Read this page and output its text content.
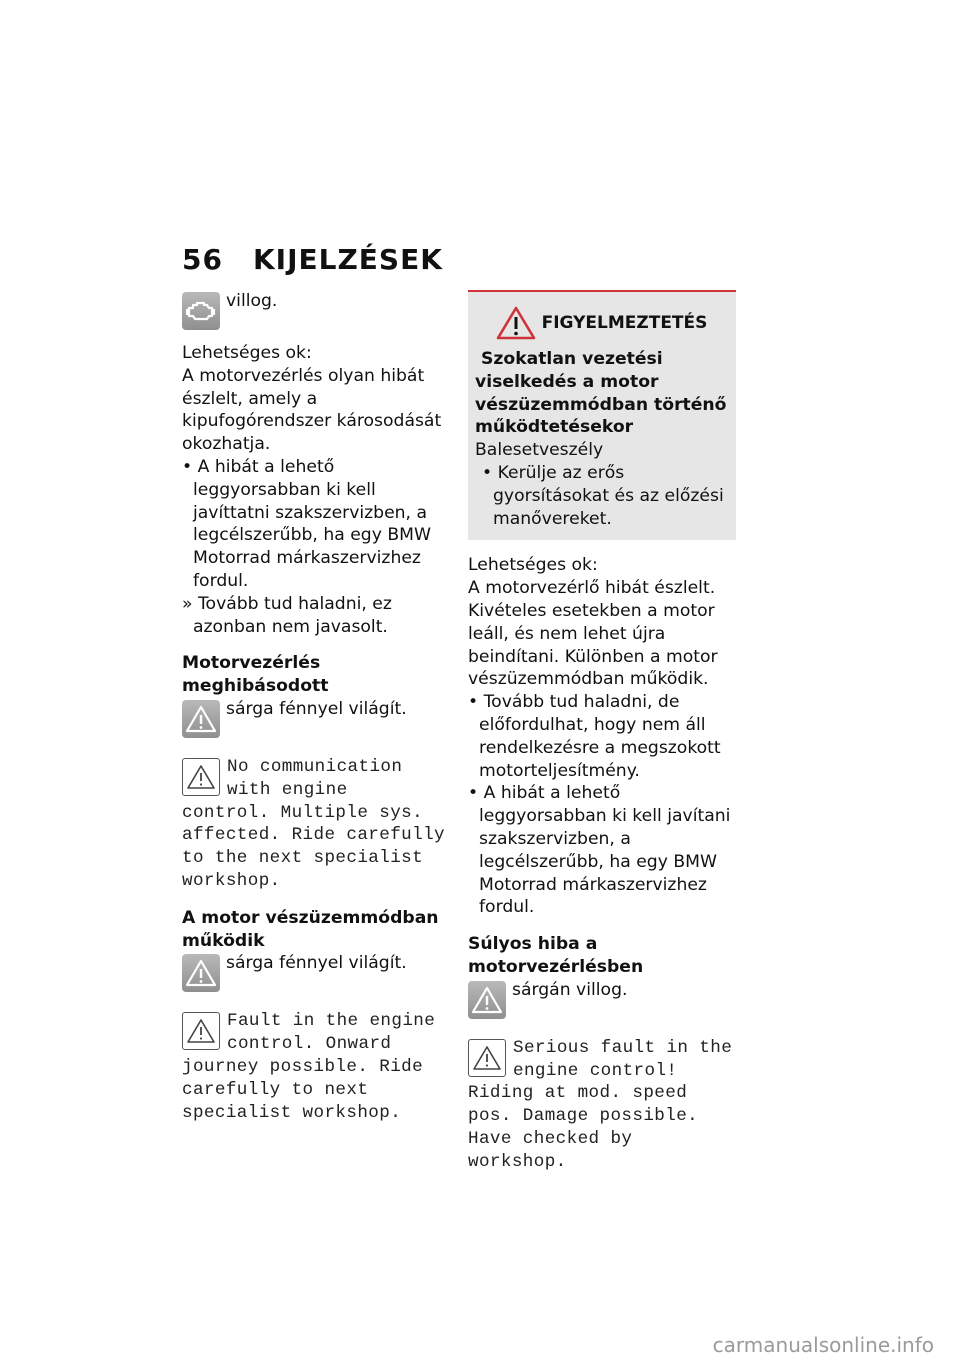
56 KIJELZÉSEK

villog.

Lehetséges ok:

A motorvezérlés olyan hibát észlelt, amely a kipufogórendszer károsodását okozhatja.

• A hibát a lehető leggyorsabban ki kell javíttatni szakszervizben, a legcélszerűbb, ha egy BMW Motorrad márkaszervizhez fordul.

» Tovább tud haladni, ez azonban nem javasolt.

Motorvezérlés meghibásodott

sárga fénnyel világít.

No communication with engine control. Multiple sys. affected. Ride carefully to the next specialist workshop.

A motor vészüzemmódban működik

sárga fénnyel világít.

Fault in the engine control. Onward journey possible. Ride carefully to next specialist workshop.

FIGYELMEZTETÉS

Szokatlan vezetési viselkedés a motor vészüzemmódban történő működtetésekor

Balesetveszély

• Kerülje az erős gyorsításokat és az előzési manővereket.

Lehetséges ok:

A motorvezérlő hibát észlelt. Kivételes esetekben a motor leáll, és nem lehet újra beindítani. Különben a motor vészüzemmódban működik.

• Tovább tud haladni, de előfordulhat, hogy nem áll rendelkezésre a megszokott motorteljesítmény.

• A hibát a lehető leggyorsabban ki kell javítani szakszervizben, a legcélszerűbb, ha egy BMW Motorrad márkaszervizhez fordul.

Súlyos hiba a motorvezérlésben

sárgán villog.

Serious fault in the engine control! Riding at mod. speed pos. Damage possible. Have checked by workshop.

carmanualsonline.info
